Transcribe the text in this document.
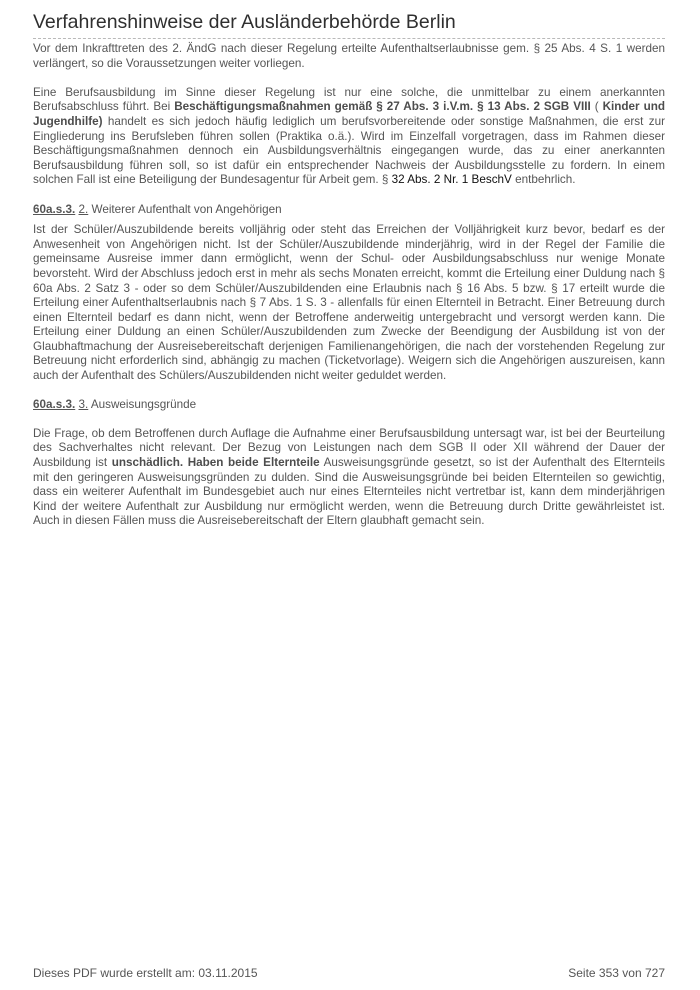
Verfahrenshinweise der Ausländerbehörde Berlin

Vor dem Inkrafttreten des 2. ÄndG nach dieser Regelung erteilte Aufenthaltserlaubnisse gem. § 25 Abs. 4 S. 1 werden verlängert, so die Voraussetzungen weiter vorliegen.

Eine Berufsausbildung im Sinne dieser Regelung ist nur eine solche, die unmittelbar zu einem anerkannten Berufsabschluss führt. Bei Beschäftigungsmaßnahmen gemäß § 27 Abs. 3 i.V.m. § 13 Abs. 2 SGB VIII ( Kinder und Jugendhilfe) handelt es sich jedoch häufig lediglich um berufsvorbereitende oder sonstige Maßnahmen, die erst zur Eingliederung ins Berufsleben führen sollen (Praktika o.ä.). Wird im Einzelfall vorgetragen, dass im Rahmen dieser Beschäftigungsmaßnahmen dennoch ein Ausbildungsverhältnis eingegangen wurde, das zu einer anerkannten Berufsausbildung führen soll, so ist dafür ein entsprechender Nachweis der Ausbildungsstelle zu fordern. In einem solchen Fall ist eine Beteiligung der Bundesagentur für Arbeit gem. § 32 Abs. 2 Nr. 1 BeschV entbehrlich.

60a.s.3. 2. Weiterer Aufenthalt von Angehörigen

Ist der Schüler/Auszubildende bereits volljährig oder steht das Erreichen der Volljährigkeit kurz bevor, bedarf es der Anwesenheit von Angehörigen nicht. Ist der Schüler/Auszubildende minderjährig, wird in der Regel der Familie die gemeinsame Ausreise immer dann ermöglicht, wenn der Schul- oder Ausbildungsabschluss nur wenige Monate bevorsteht. Wird der Abschluss jedoch erst in mehr als sechs Monaten erreicht, kommt die Erteilung einer Duldung nach § 60a Abs. 2 Satz 3 - oder so dem Schüler/Auszubildenden eine Erlaubnis nach § 16 Abs. 5 bzw. § 17 erteilt wurde die Erteilung einer Aufenthaltserlaubnis nach § 7 Abs. 1 S. 3 - allenfalls für einen Elternteil in Betracht. Einer Betreuung durch einen Elternteil bedarf es dann nicht, wenn der Betroffene anderweitig untergebracht und versorgt werden kann. Die Erteilung einer Duldung an einen Schüler/Auszubildenden zum Zwecke der Beendigung der Ausbildung ist von der Glaubhaftmachung der Ausreisebereitschaft derjenigen Familienangehörigen, die nach der vorstehenden Regelung zur Betreuung nicht erforderlich sind, abhängig zu machen (Ticketvorlage). Weigern sich die Angehörigen auszureisen, kann auch der Aufenthalt des Schülers/Auszubildenden nicht weiter geduldet werden.

60a.s.3. 3. Ausweisungsgründe

Die Frage, ob dem Betroffenen durch Auflage die Aufnahme einer Berufsausbildung untersagt war, ist bei der Beurteilung des Sachverhaltes nicht relevant. Der Bezug von Leistungen nach dem SGB II oder XII während der Dauer der Ausbildung ist unschädlich. Haben beide Elternteile Ausweisungsgründe gesetzt, so ist der Aufenthalt des Elternteils mit den geringeren Ausweisungsgründen zu dulden. Sind die Ausweisungsgründe bei beiden Elternteilen so gewichtig, dass ein weiterer Aufenthalt im Bundesgebiet auch nur eines Elternteiles nicht vertretbar ist, kann dem minderjährigen Kind der weitere Aufenthalt zur Ausbildung nur ermöglicht werden, wenn die Betreuung durch Dritte gewährleistet ist. Auch in diesen Fällen muss die Ausreisebereitschaft der Eltern glaubhaft gemacht sein.

Dieses PDF wurde erstellt am: 03.11.2015	Seite 353 von 727
